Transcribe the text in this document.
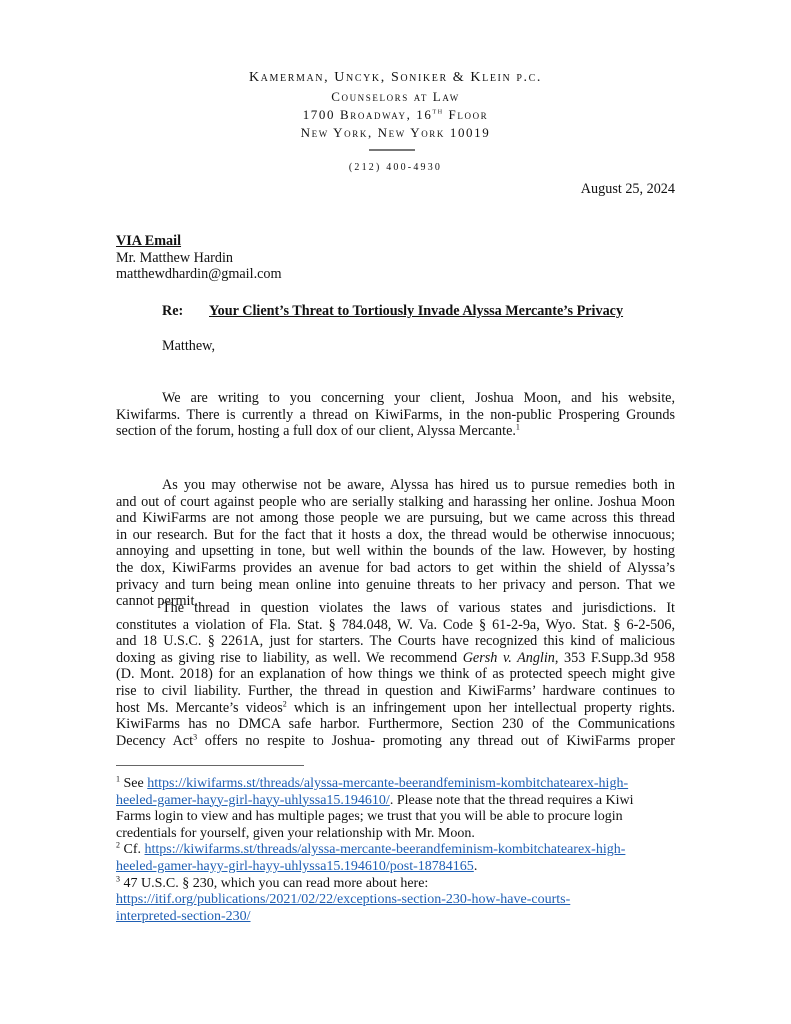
Kamerman, Uncyk, Soniker & Klein p.c.
Counselors at Law
1700 Broadway, 16th Floor
New York, New York 10019
(212) 400-4930
August 25, 2024
VIA Email
Mr. Matthew Hardin
matthewdhardin@gmail.com
Re: Your Client’s Threat to Tortiously Invade Alyssa Mercante’s Privacy
Matthew,
We are writing to you concerning your client, Joshua Moon, and his website,
Kiwifarms. There is currently a thread on KiwiFarms, in the non-public Prospering Grounds
section of the forum, hosting a full dox of our client, Alyssa Mercante.$^1$
As you may otherwise not be aware, Alyssa has hired us to pursue remedies both in
and out of court against people who are serially stalking and harassing her online. Joshua Moon
and KiwiFarms are not among those people we are pursuing, but we came across this thread
in our research. But for the fact that it hosts a dox, the thread would be otherwise innocuous;
annoying and upsetting in tone, but well within the bounds of the law. However, by hosting
the dox, KiwiFarms provides an avenue for bad actors to get within the shield of Alyssa’s
privacy and turn being mean online into genuine threats to her privacy and person. That we
cannot permit.
The thread in question violates the laws of various states and jurisdictions. It
constitutes a violation of Fla. Stat. § 784.048, W. Va. Code § 61-2-9a, Wyo. Stat. § 6-2-506,
and 18 U.S.C. § 2261A, just for starters. The Courts have recognized this kind of malicious
doxing as giving rise to liability, as well. We recommend Gersh v. Anglin, 353 F.Supp.3d 958
(D. Mont. 2018) for an explanation of how things we think of as protected speech might give
rise to civil liability. Further, the thread in question and KiwiFarms’ hardware continues to
host Ms. Mercante’s videos$^2$ which is an infringement upon her intellectual property rights.
KiwiFarms has no DMCA safe harbor. Furthermore, Section 230 of the Communications
Decency Act$^3$ offers no respite to Joshua- promoting any thread out of KiwiFarms proper
$^1$ See https://kiwifarms.st/threads/alyssa-mercante-beerandfeminism-kombitchatearex-high-
heeled-gamer-hayy-girl-hayy-uhlyssa15.194610/. Please note that the thread requires a Kiwi
Farms login to view and has multiple pages; we trust that you will be able to procure login
credentials for yourself, given your relationship with Mr. Moon.
$^2$ Cf. https://kiwifarms.st/threads/alyssa-mercante-beerandfeminism-kombitchatearex-high-
heeled-gamer-hayy-girl-hayy-uhlyssa15.194610/post-18784165.
$^3$ 47 U.S.C. § 230, which you can read more about here:
https://itif.org/publications/2021/02/22/exceptions-section-230-how-have-courts-
interpreted-section-230/
